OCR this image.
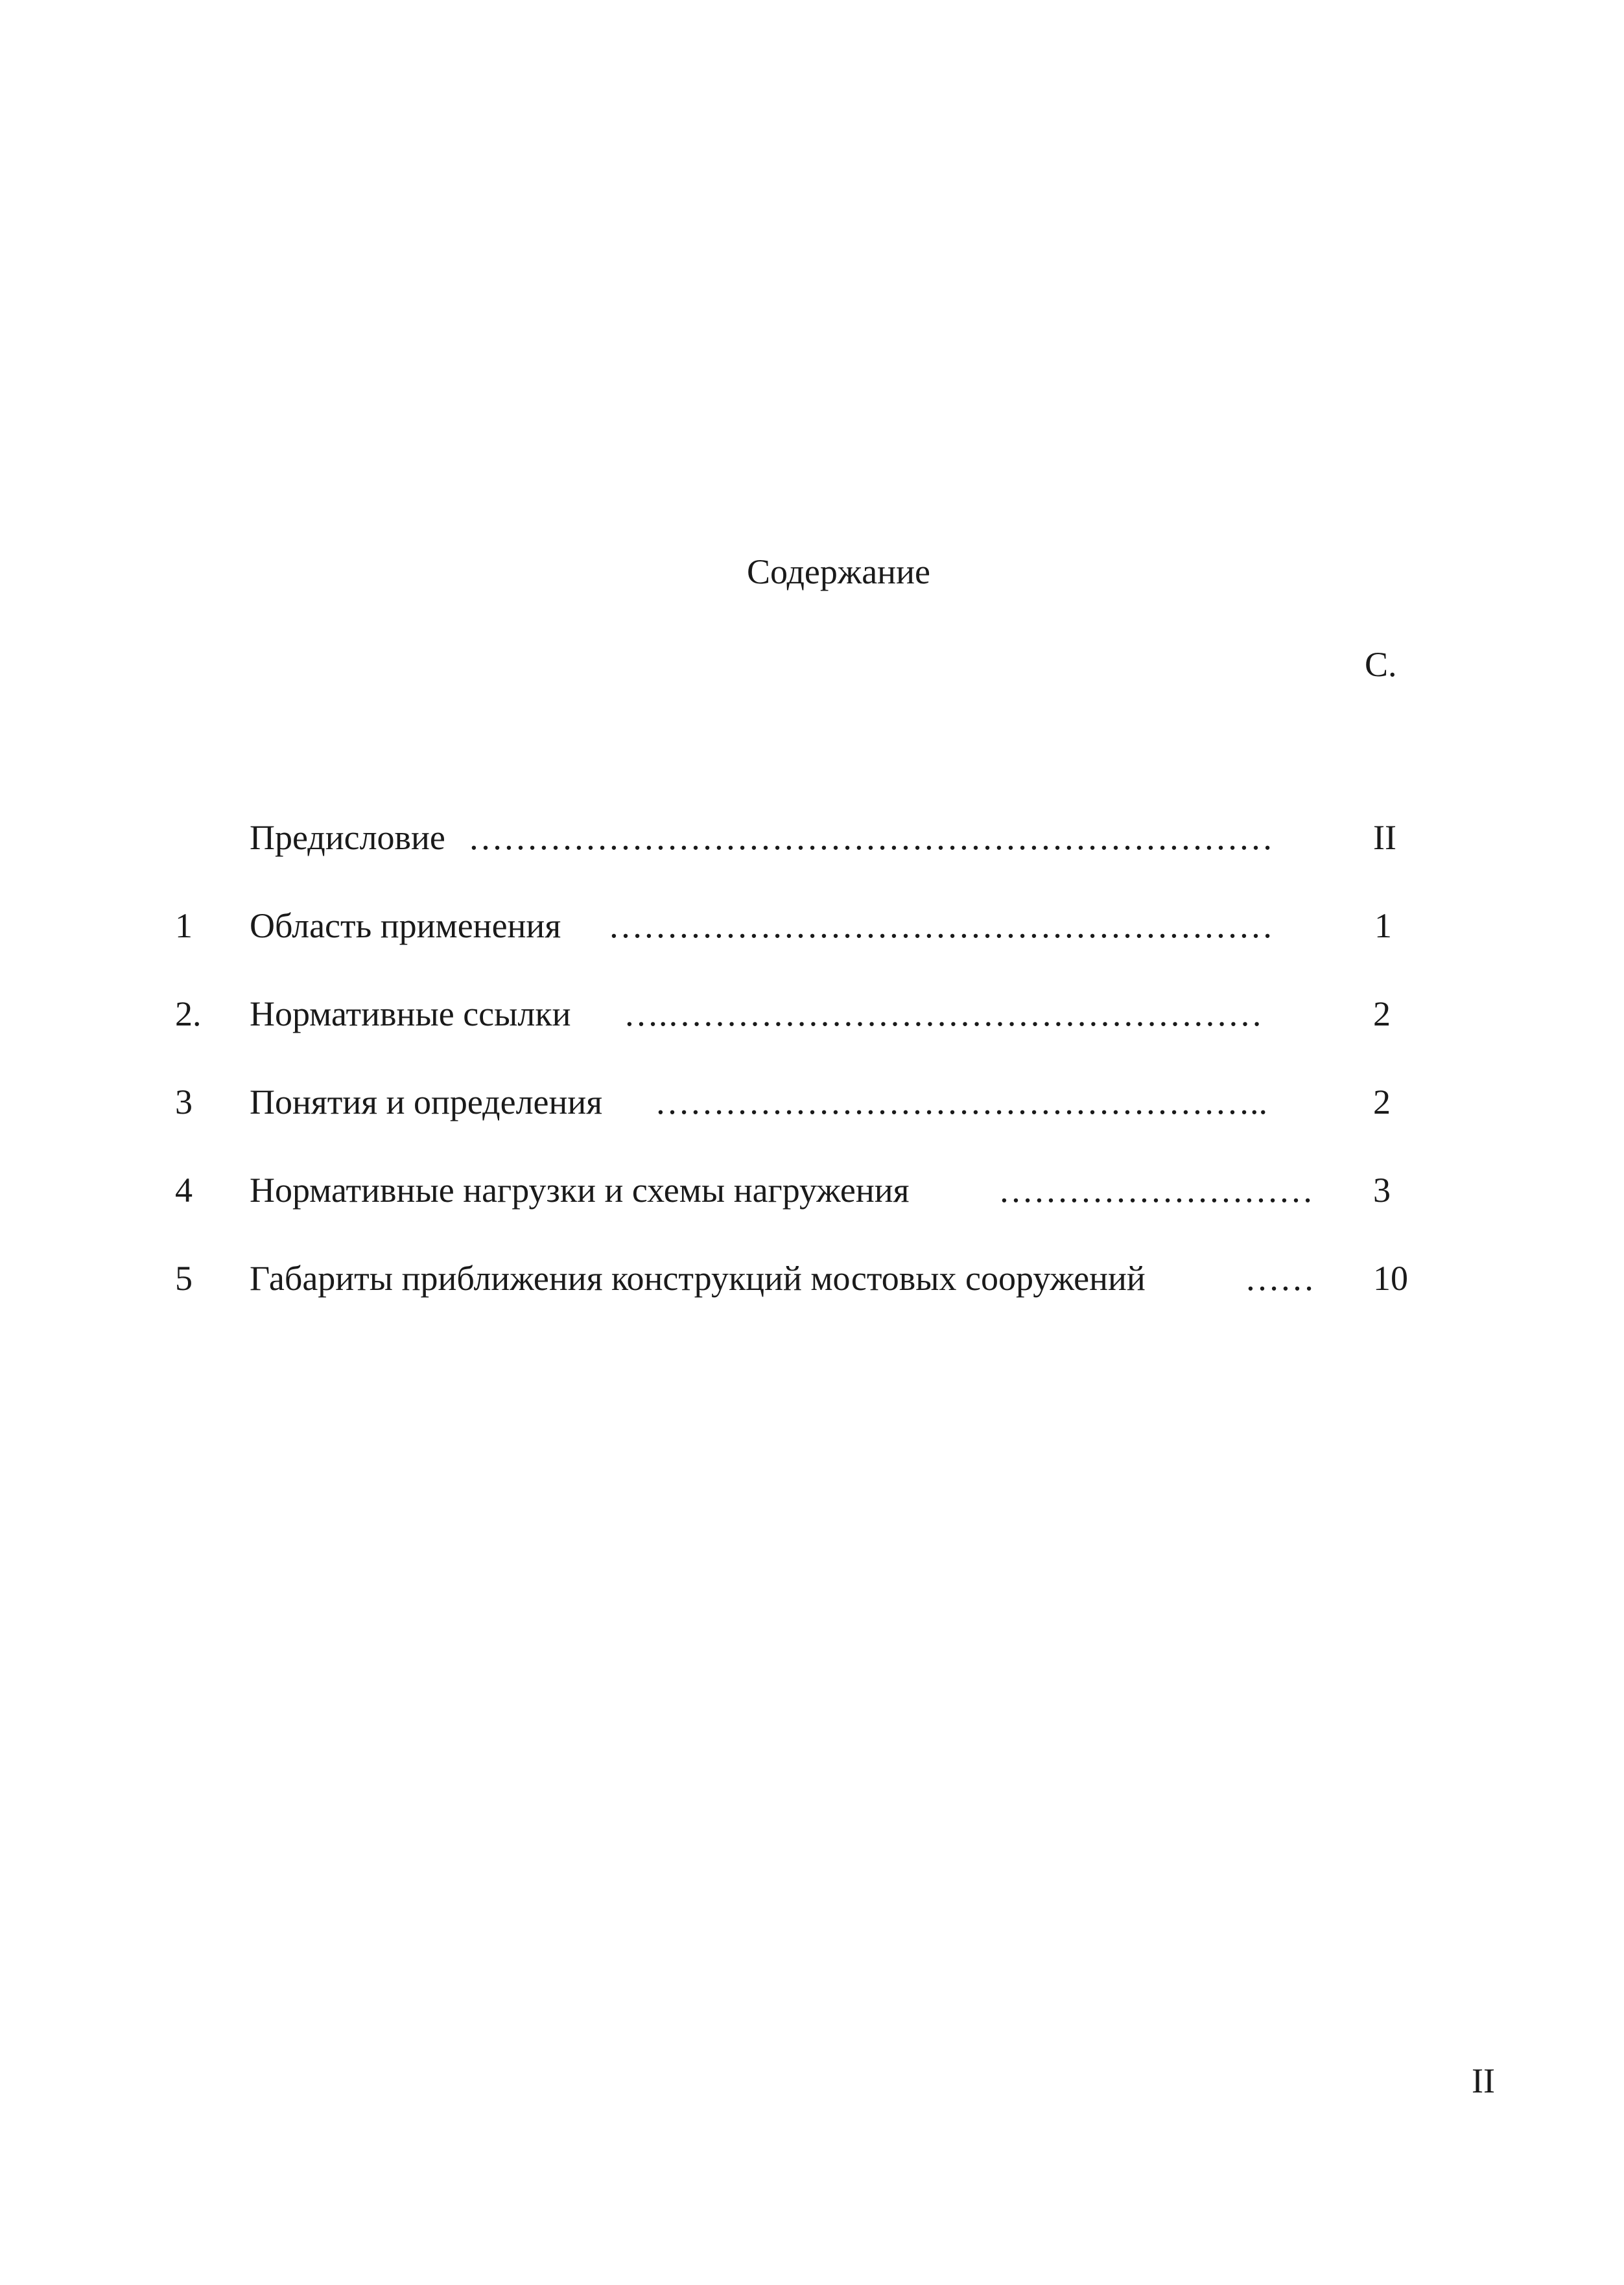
Содержание
С.
Предисловие ……………………………………………………………	II
1 Область применения …………………………………………………	1
2. Нормативные ссылки ….……………………………………………	2
3 Понятия и определения ……………………………………………..	2
4 Нормативные нагрузки и схемы нагружения	………………………	3
5 Габариты приближения конструкций мостовых сооружений	……	10
II
